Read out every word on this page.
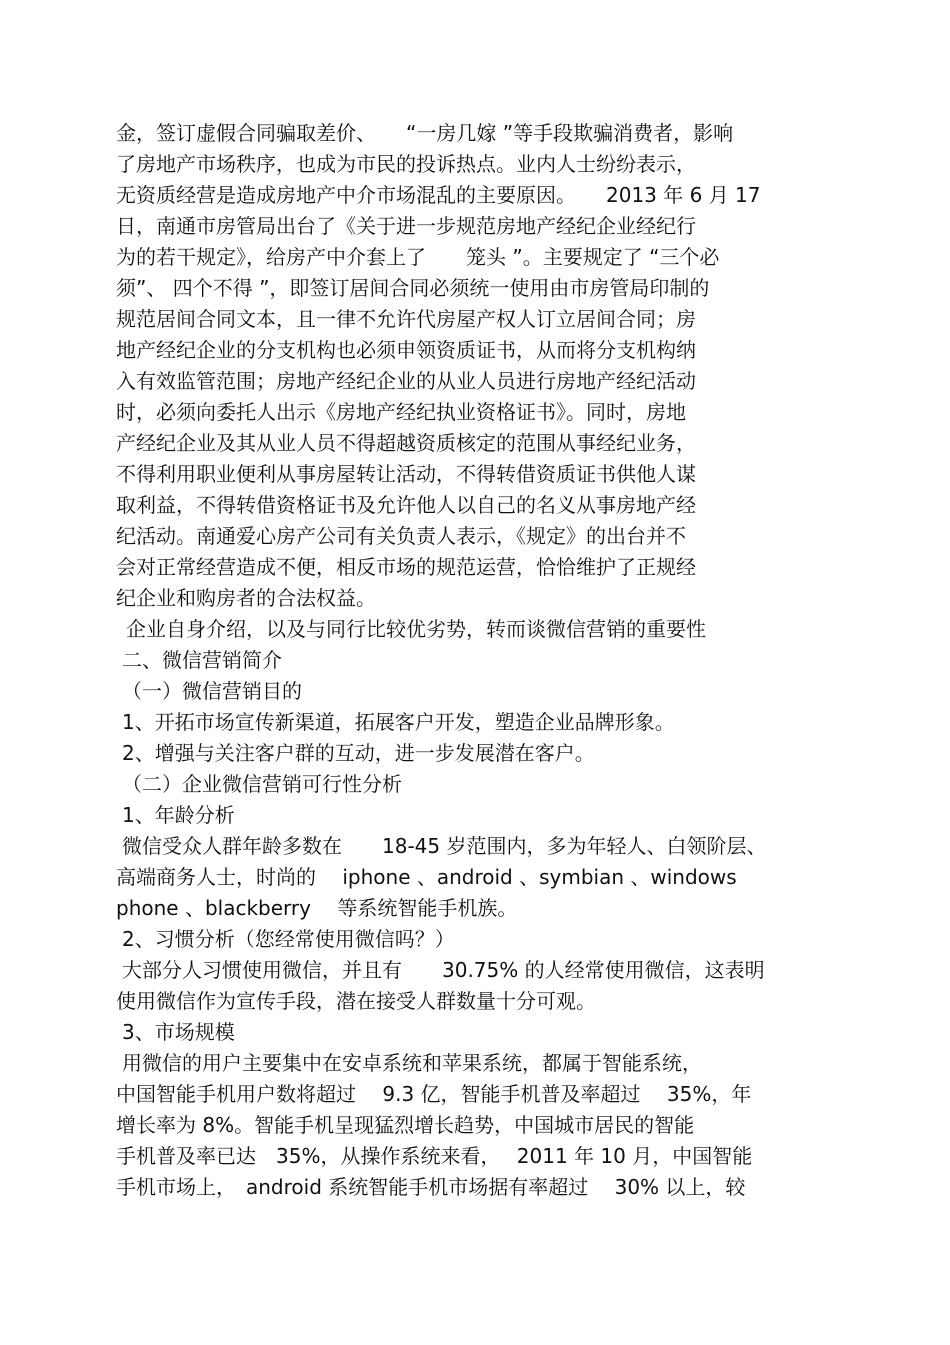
金，签订虚假合同骗取差价、　　“一房几嫁 ”等手段欺骗消费者，影响
了房地产市场秩序，也成为市民的投诉热点。业内人士纷纷表示，
无资质经营是造成房地产中介市场混乱的主要原因。　　2013 年 6 月 17
日，南通市房管局出台了《关于进一步规范房地产经纪企业经纪行
为的若干规定》，给房产中介套上了　　笼头 ”。主要规定了 “三个必
须”、 四个不得 ”，即签订居间合同必须统一使用由市房管局印制的
规范居间合同文本，且一律不允许代房屋产权人订立居间合同；房
地产经纪企业的分支机构也必须申领资质证书，从而将分支机构纳
入有效监管范围；房地产经纪企业的从业人员进行房地产经纪活动
时，必须向委托人出示《房地产经纪执业资格证书》。同时，房地
产经纪企业及其从业人员不得超越资质核定的范围从事经纪业务，
不得利用职业便利从事房屋转让活动，不得转借资质证书供他人谋
取利益，不得转借资格证书及允许他人以自己的名义从事房地产经
纪活动。南通爱心房产公司有关负责人表示，《规定》的出台并不
会对正常经营造成不便，相反市场的规范运营，恰恰维护了正规经
纪企业和购房者的合法权益。
企业自身介绍，以及与同行比较优劣势，转而谈微信营销的重要性
二、微信营销简介
（一）微信营销目的
1、开拓市场宣传新渠道，拓展客户开发，塑造企业品牌形象。
2、增强与关注客户群的互动，进一步发展潜在客户。
（二）企业微信营销可行性分析
1、年龄分析
微信受众人群年龄多数在　　18-45 岁范围内，多为年轻人、白领阶层、
高端商务人士，时尚的　 iphone 、android 、symbian 、windows
phone 、blackberry 　等系统智能手机族。
2、习惯分析（您经常使用微信吗？）
大部分人习惯使用微信，并且有　　30.75% 的人经常使用微信，这表明
使用微信作为宣传手段，潜在接受人群数量十分可观。
3、市场规模
用微信的用户主要集中在安卓系统和苹果系统，都属于智能系统，
中国智能手机用户数将超过　 9.3 亿，智能手机普及率超过　 35%，年
增长率为 8%。智能手机呈现猛烈增长趋势，中国城市居民的智能
手机普及率已达　35%，从操作系统来看，　 2011 年 10 月，中国智能
手机市场上，　android 系统智能手机市场据有率超过　 30% 以上，较
